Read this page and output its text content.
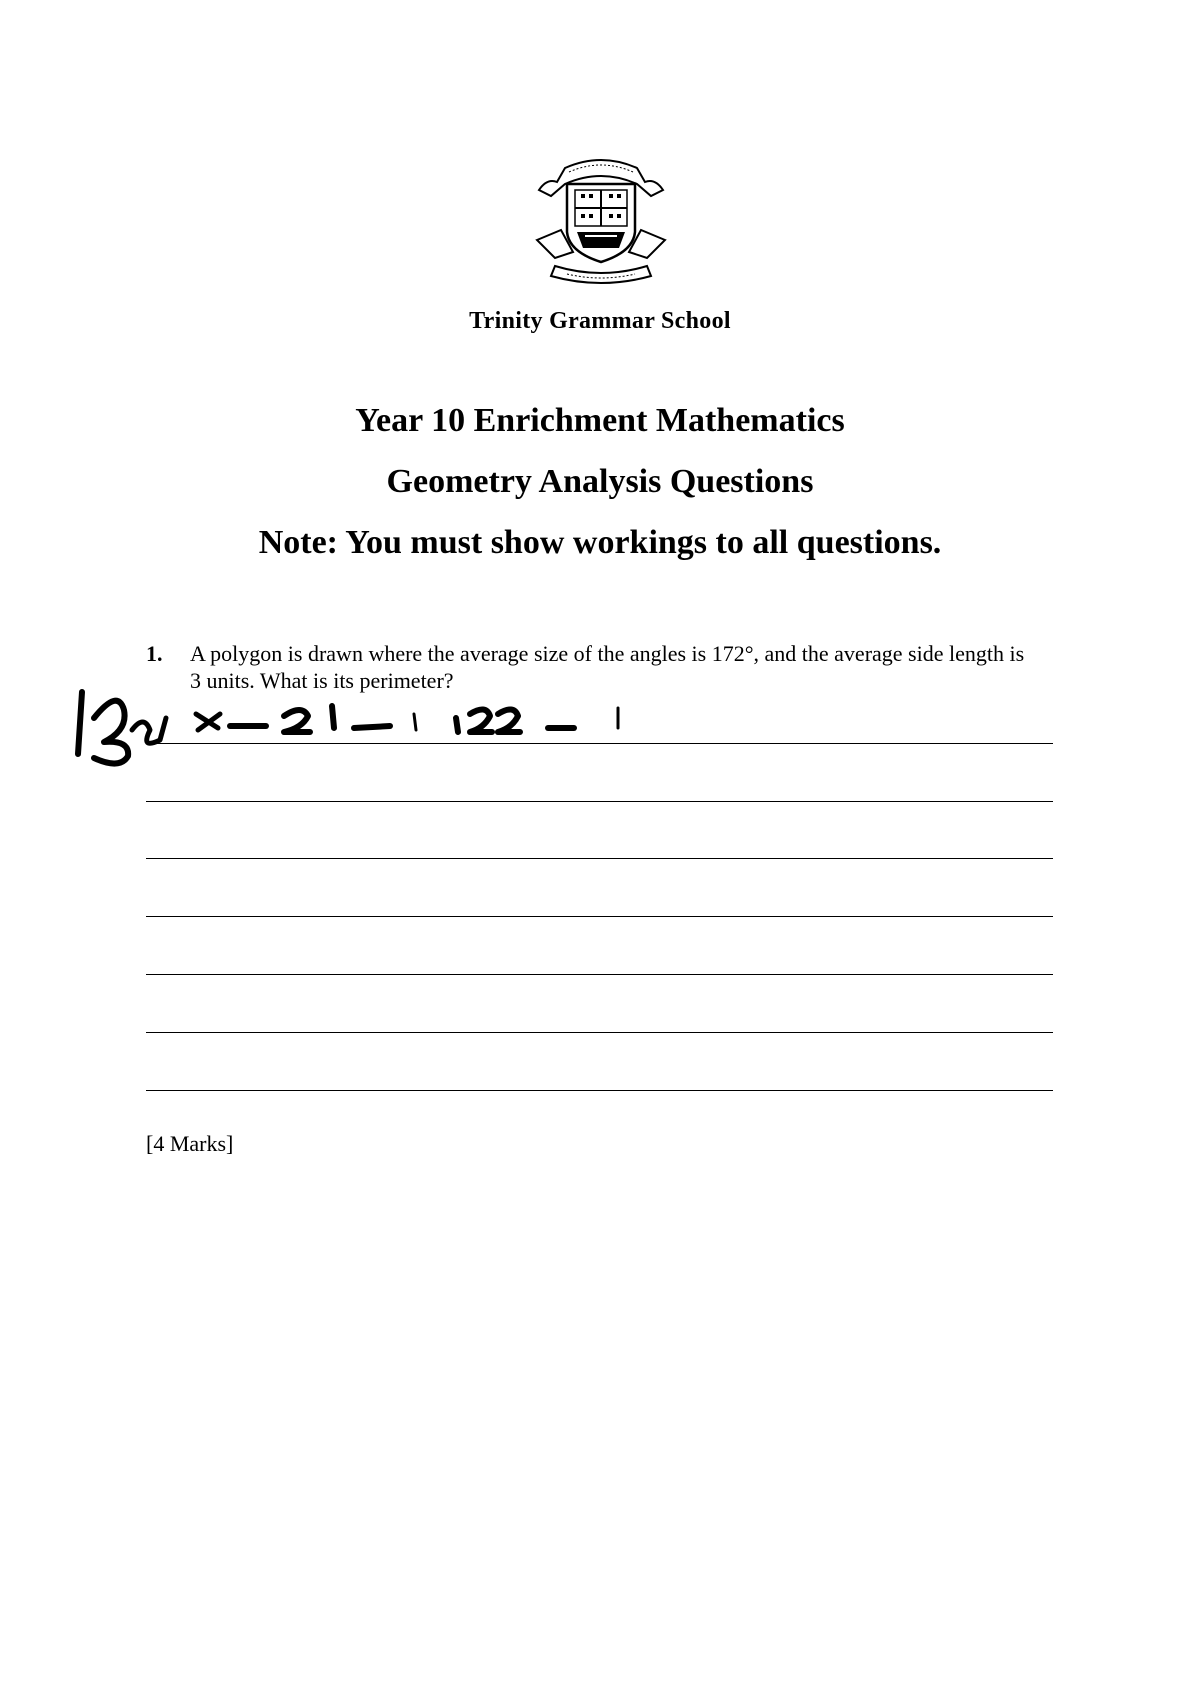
Trinity Grammar School
Year 10 Enrichment Mathematics
Geometry Analysis Questions
Note: You must show workings to all questions.
1.	A polygon is drawn where the average size of the angles is 172°, and the average side length is 3 units. What is its perimeter?
[4 Marks]
